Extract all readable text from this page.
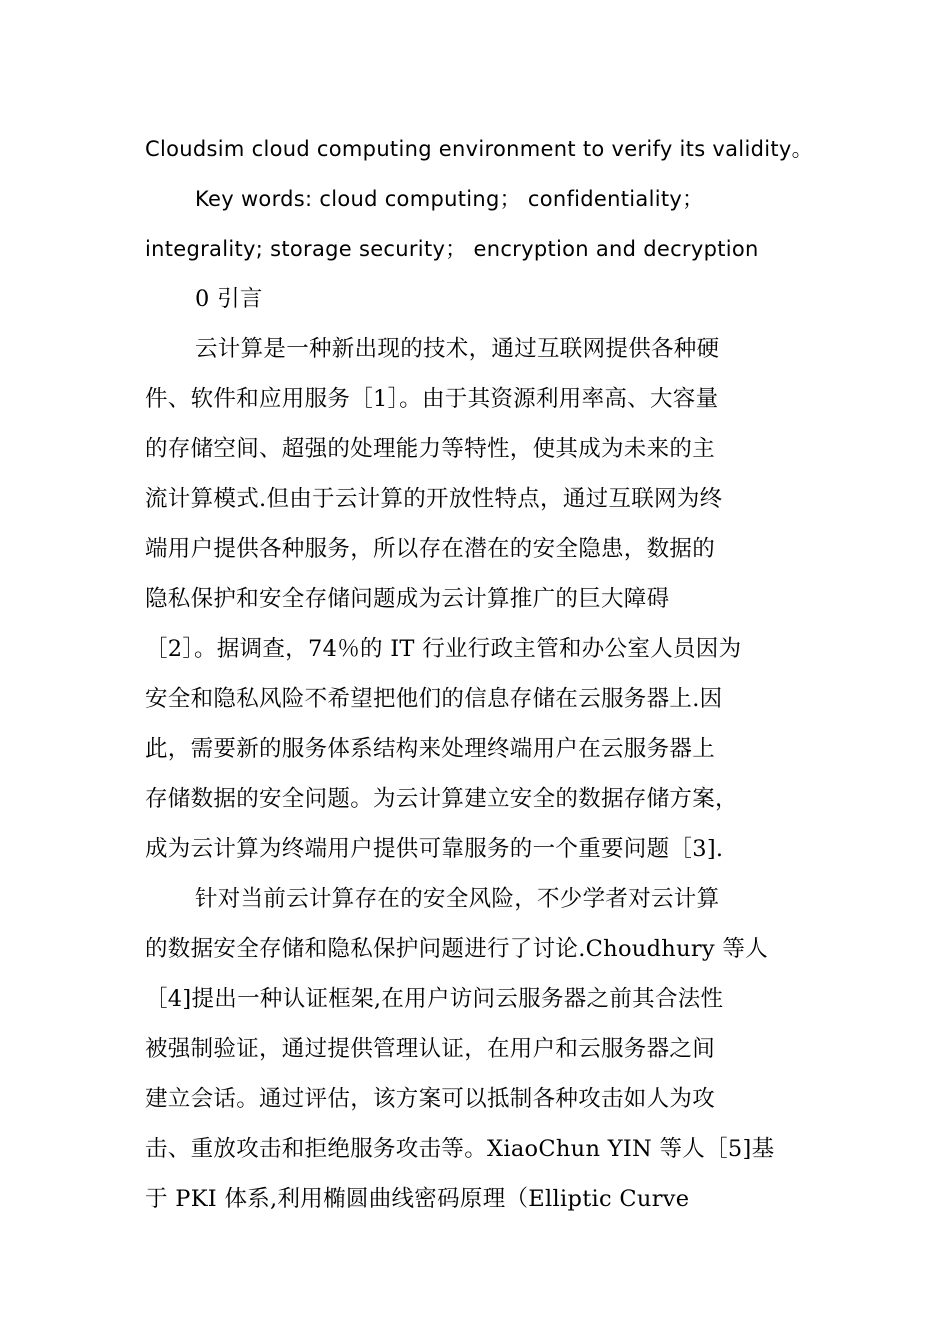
Cloudsim cloud computing environment to verify its validity。
Key words: cloud computing； confidentiality；
integrality; storage security； encryption and decryption
0 引言
云计算是一种新出现的技术，通过互联网提供各种硬
件、软件和应用服务［1］。由于其资源利用率高、大容量
的存储空间、超强的处理能力等特性，使其成为未来的主
流计算模式.但由于云计算的开放性特点，通过互联网为终
端用户提供各种服务，所以存在潜在的安全隐患，数据的
隐私保护和安全存储问题成为云计算推广的巨大障碍
［2］。据调查，74％的 IT 行业行政主管和办公室人员因为
安全和隐私风险不希望把他们的信息存储在云服务器上.因
此，需要新的服务体系结构来处理终端用户在云服务器上
存储数据的安全问题。为云计算建立安全的数据存储方案，
成为云计算为终端用户提供可靠服务的一个重要问题［3].
针对当前云计算存在的安全风险，不少学者对云计算
的数据安全存储和隐私保护问题进行了讨论.Choudhury 等人
［4]提出一种认证框架,在用户访问云服务器之前其合法性
被强制验证，通过提供管理认证，在用户和云服务器之间
建立会话。通过评估，该方案可以抵制各种攻击如人为攻
击、重放攻击和拒绝服务攻击等。XiaoChun YIN 等人［5]基
于 PKI 体系,利用椭圆曲线密码原理（Elliptic Curve
